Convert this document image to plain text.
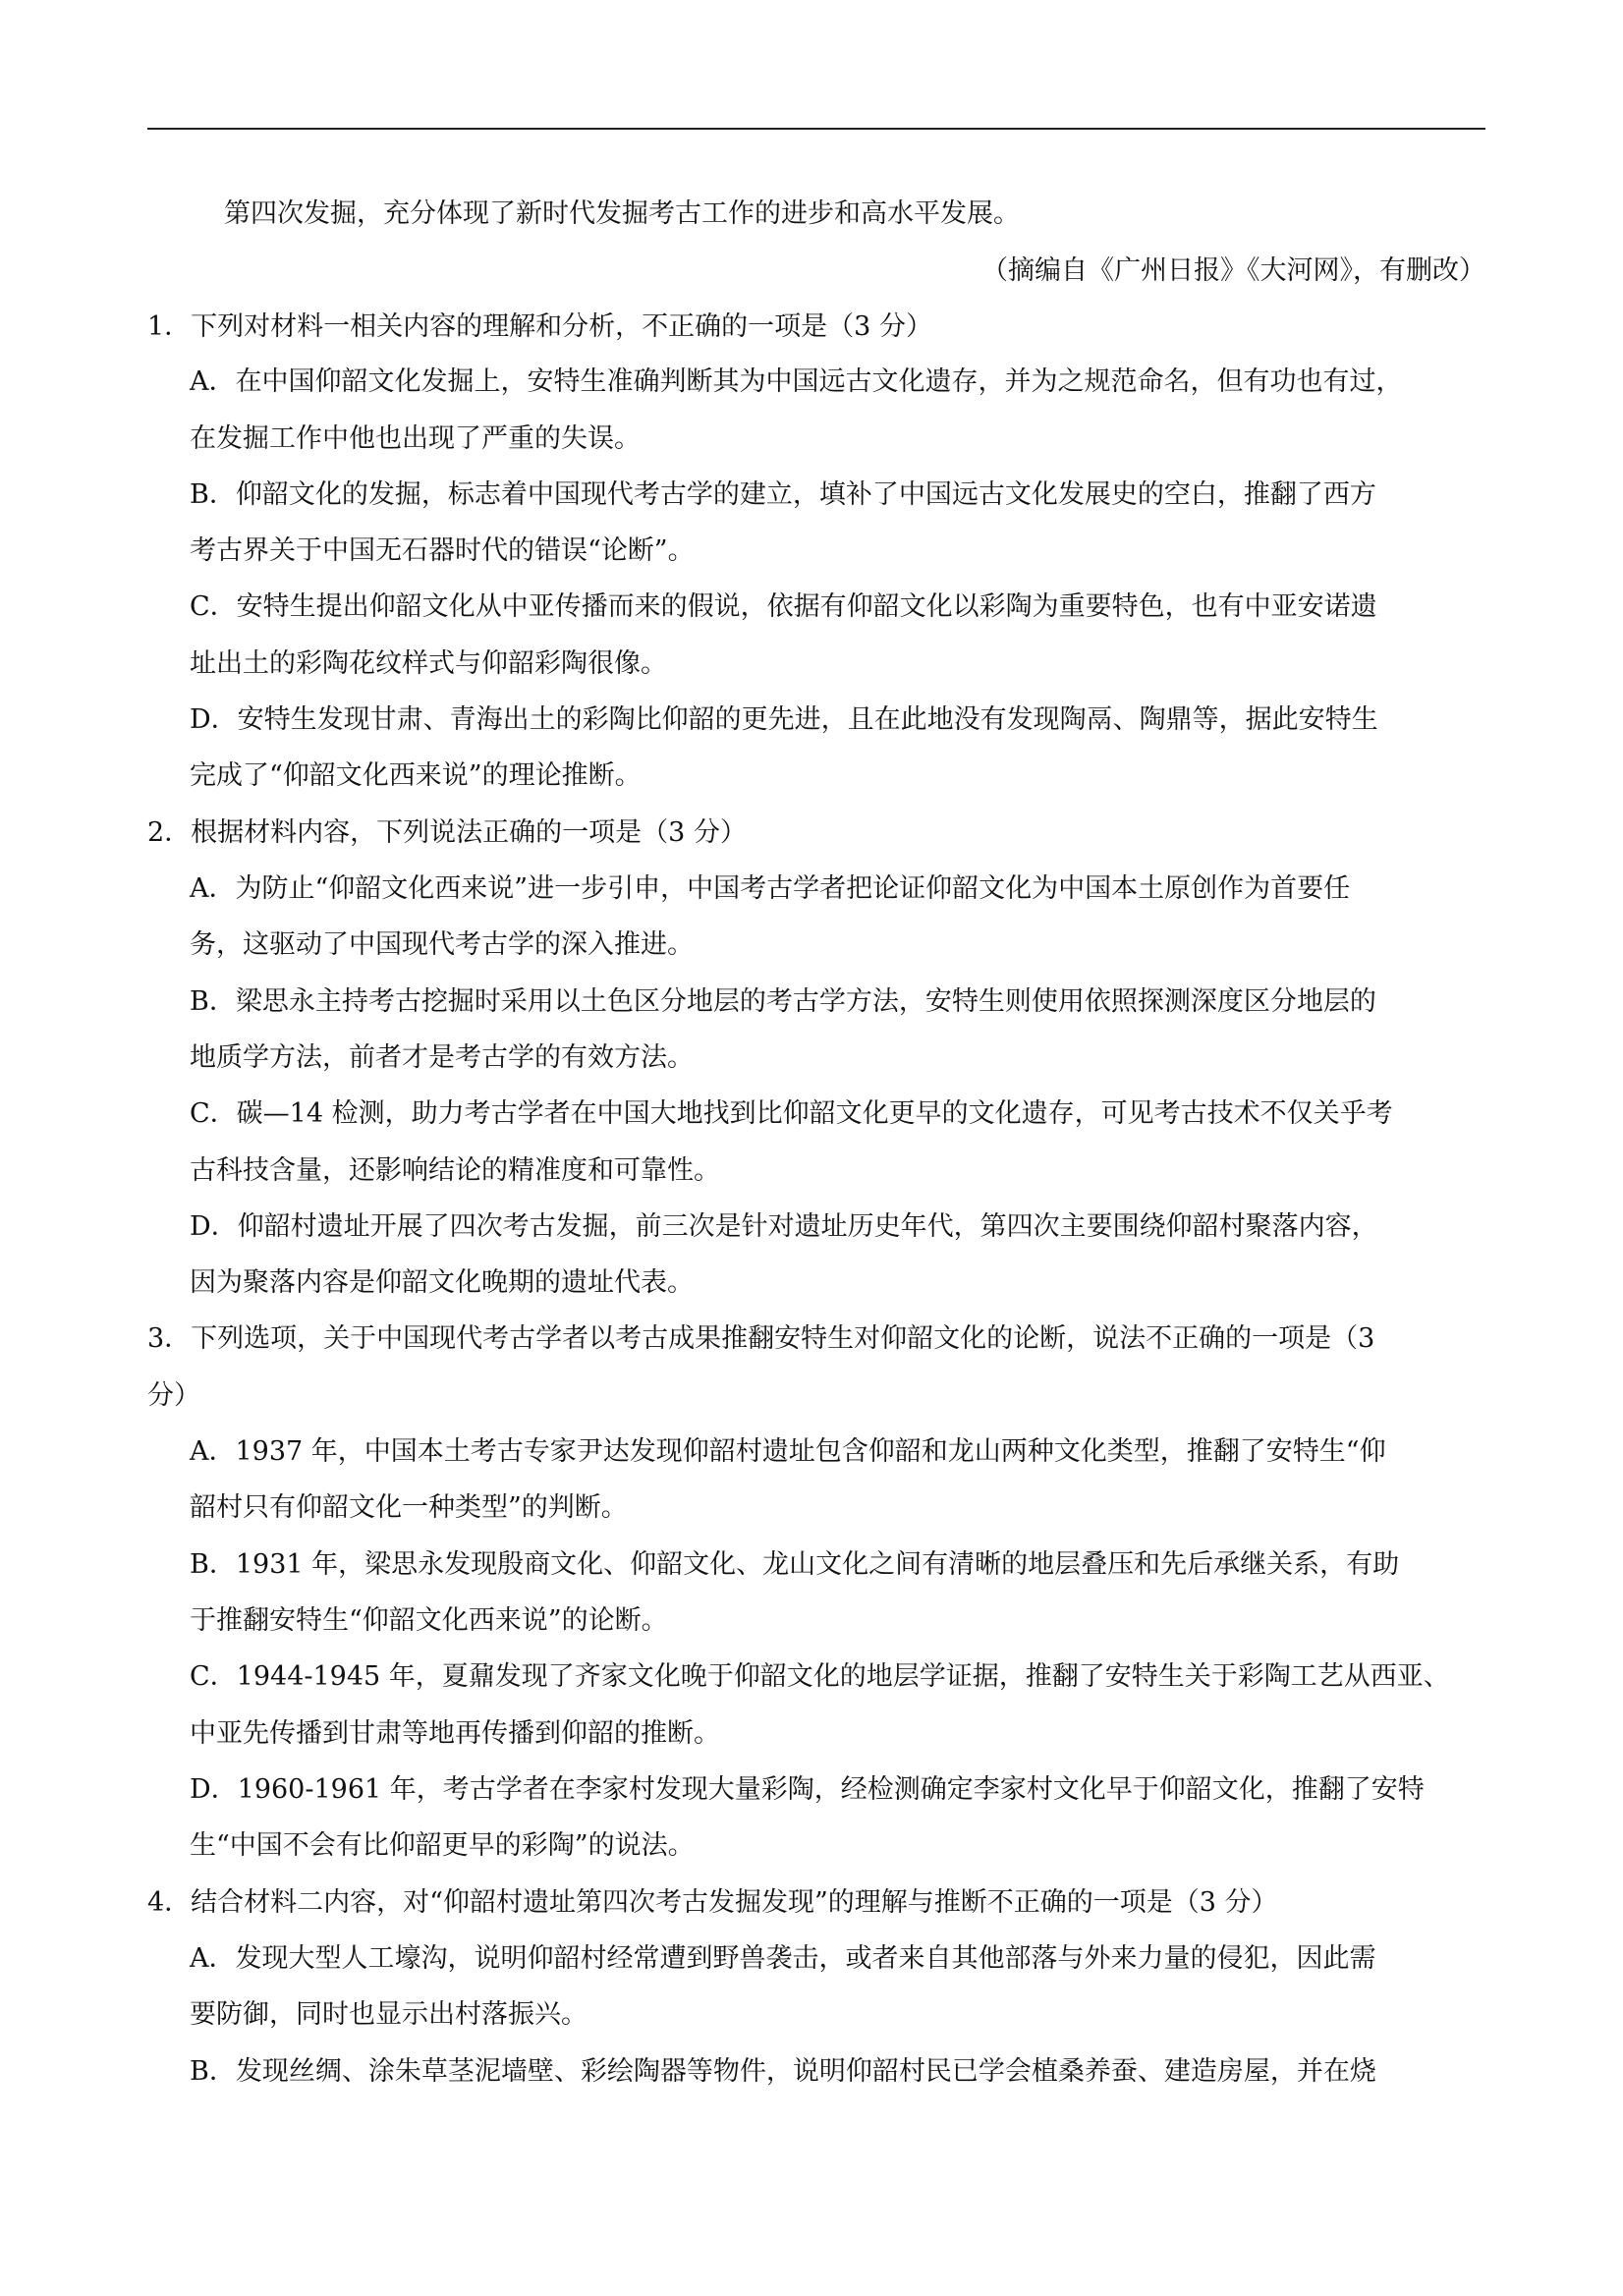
第四次发掘，充分体现了新时代发掘考古工作的进步和高水平发展。
（摘编自《广州日报》《大河网》，有删改）
1．下列对材料一相关内容的理解和分析，不正确的一项是（3 分）
A．在中国仰韶文化发掘上，安特生准确判断其为中国远古文化遗存，并为之规范命名，但有功也有过，
在发掘工作中他也出现了严重的失误。
B．仰韶文化的发掘，标志着中国现代考古学的建立，填补了中国远古文化发展史的空白，推翻了西方
考古界关于中国无石器时代的错误“论断”。
C．安特生提出仰韶文化从中亚传播而来的假说，依据有仰韶文化以彩陶为重要特色，也有中亚安诺遗
址出土的彩陶花纹样式与仰韶彩陶很像。
D．安特生发现甘肃、青海出土的彩陶比仰韶的更先进，且在此地没有发现陶鬲、陶鼎等，据此安特生
完成了“仰韶文化西来说”的理论推断。
2．根据材料内容，下列说法正确的一项是（3 分）
A．为防止“仰韶文化西来说”进一步引申，中国考古学者把论证仰韶文化为中国本土原创作为首要任
务，这驱动了中国现代考古学的深入推进。
B．梁思永主持考古挖掘时采用以土色区分地层的考古学方法，安特生则使用依照探测深度区分地层的
地质学方法，前者才是考古学的有效方法。
C．碳—14 检测，助力考古学者在中国大地找到比仰韶文化更早的文化遗存，可见考古技术不仅关乎考
古科技含量，还影响结论的精准度和可靠性。
D．仰韶村遗址开展了四次考古发掘，前三次是针对遗址历史年代，第四次主要围绕仰韶村聚落内容，
因为聚落内容是仰韶文化晚期的遗址代表。
3．下列选项，关于中国现代考古学者以考古成果推翻安特生对仰韶文化的论断，说法不正确的一项是（3
分）
A．1937 年，中国本土考古专家尹达发现仰韶村遗址包含仰韶和龙山两种文化类型，推翻了安特生“仰
韶村只有仰韶文化一种类型”的判断。
B．1931 年，梁思永发现殷商文化、仰韶文化、龙山文化之间有清晰的地层叠压和先后承继关系，有助
于推翻安特生“仰韶文化西来说”的论断。
C．1944-1945 年，夏鼐发现了齐家文化晚于仰韶文化的地层学证据，推翻了安特生关于彩陶工艺从西亚、
中亚先传播到甘肃等地再传播到仰韶的推断。
D．1960-1961 年，考古学者在李家村发现大量彩陶，经检测确定李家村文化早于仰韶文化，推翻了安特
生“中国不会有比仰韶更早的彩陶”的说法。
4．结合材料二内容，对“仰韶村遗址第四次考古发掘发现”的理解与推断不正确的一项是（3 分）
A．发现大型人工壕沟，说明仰韶村经常遭到野兽袭击，或者来自其他部落与外来力量的侵犯，因此需
要防御，同时也显示出村落振兴。
B．发现丝绸、涂朱草茎泥墙壁、彩绘陶器等物件，说明仰韶村民已学会植桑养蚕、建造房屋，并在烧
